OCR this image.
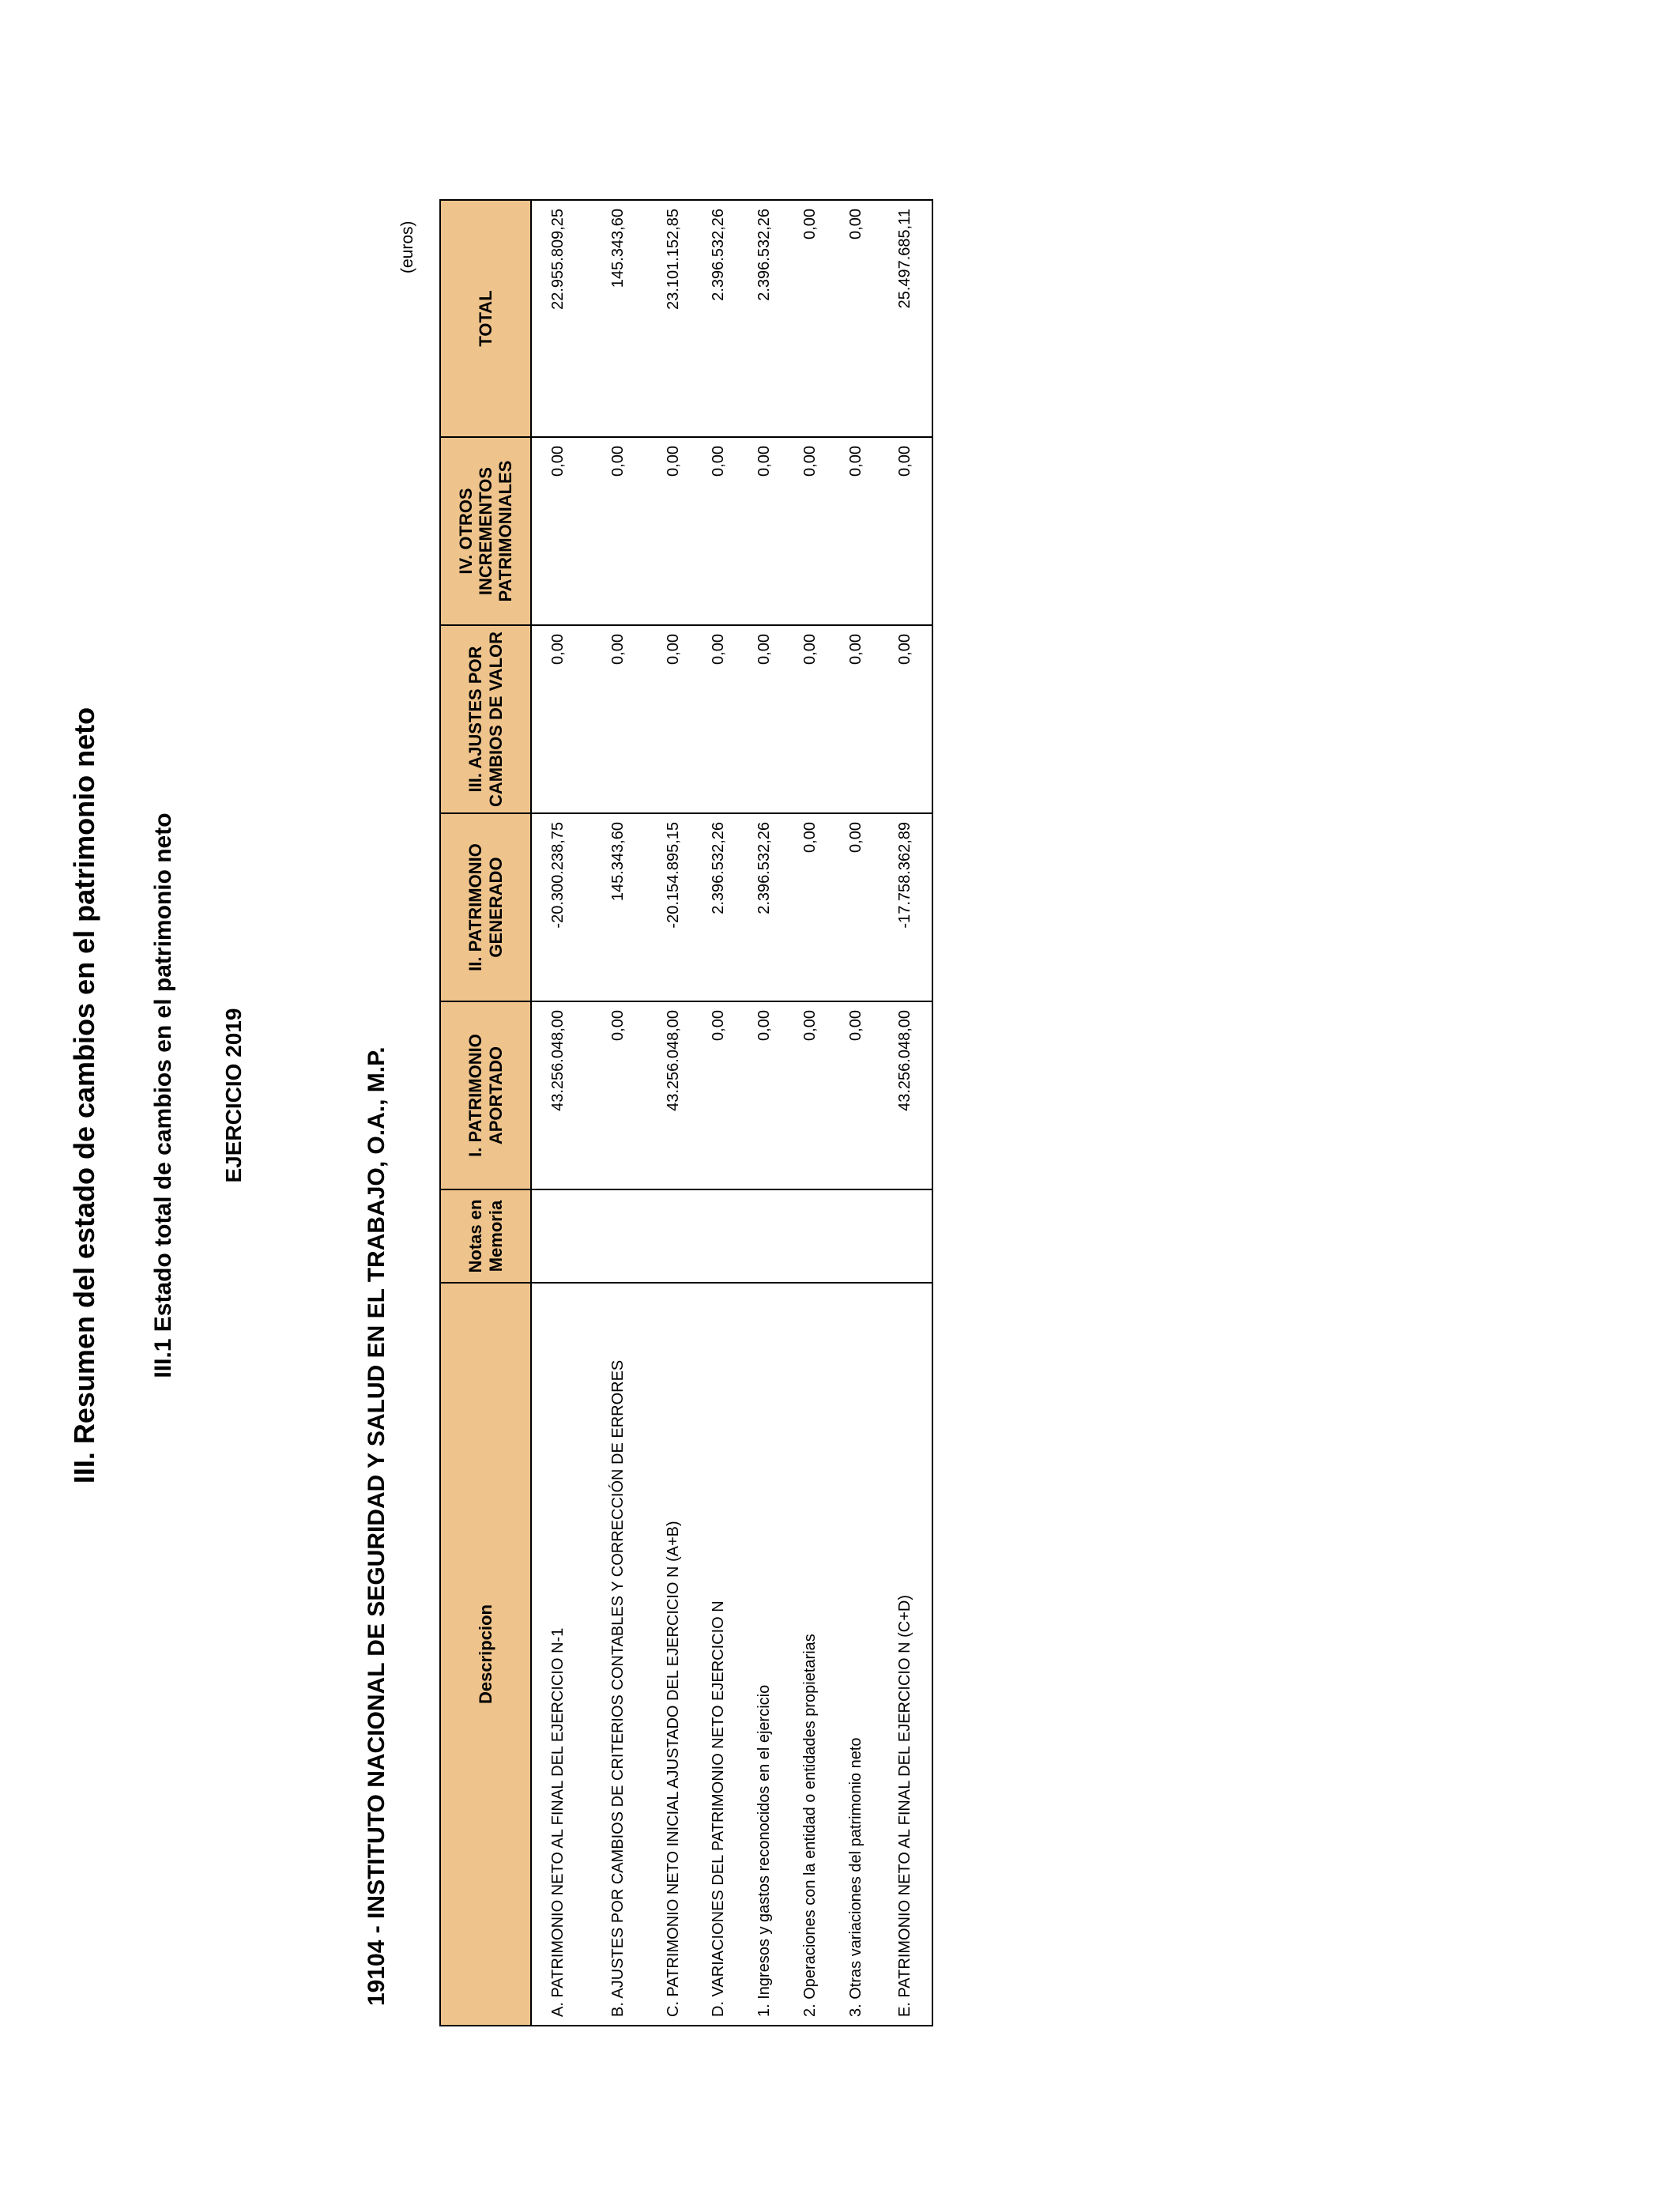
III. Resumen del estado de cambios en el patrimonio neto III.1 Estado total de cambios en el patrimonio neto EJERCICIO 2019	19104 - INSTITUTO NACIONAL DE SEGURIDAD Y SALUD EN EL TRABAJO, O.A., M.P.
(euros)
Descripcion	Notas en Memoria	I. PATRIMONIO APORTADO	II. PATRIMONIO GENERADO	III. AJUSTES POR CAMBIOS DE VALOR	IV. OTROS INCREMENTOS PATRIMONIALES	TOTAL
A. PATRIMONIO NETO AL FINAL DEL EJERCICIO N-1		43.256.048,00	-20.300.238,75	0,00	0,00	22.955.809,25
B. AJUSTES POR CAMBIOS DE CRITERIOS CONTABLES Y CORRECCIÓN DE ERRORES		0,00	145.343,60	0,00	0,00	145.343,60
C. PATRIMONIO NETO INICIAL AJUSTADO DEL EJERCICIO N (A+B)		43.256.048,00	-20.154.895,15	0,00	0,00	23.101.152,85
D. VARIACIONES DEL PATRIMONIO NETO EJERCICIO N		0,00	2.396.532,26	0,00	0,00	2.396.532,26
1. Ingresos y gastos reconocidos en el ejercicio		0,00	2.396.532,26	0,00	0,00	2.396.532,26
2. Operaciones con la entidad o entidades propietarias		0,00	0,00	0,00	0,00	0,00
3. Otras variaciones del patrimonio neto		0,00	0,00	0,00	0,00	0,00
E. PATRIMONIO NETO AL FINAL DEL EJERCICIO N (C+D)		43.256.048,00	-17.758.362,89	0,00	0,00	25.497.685,11
